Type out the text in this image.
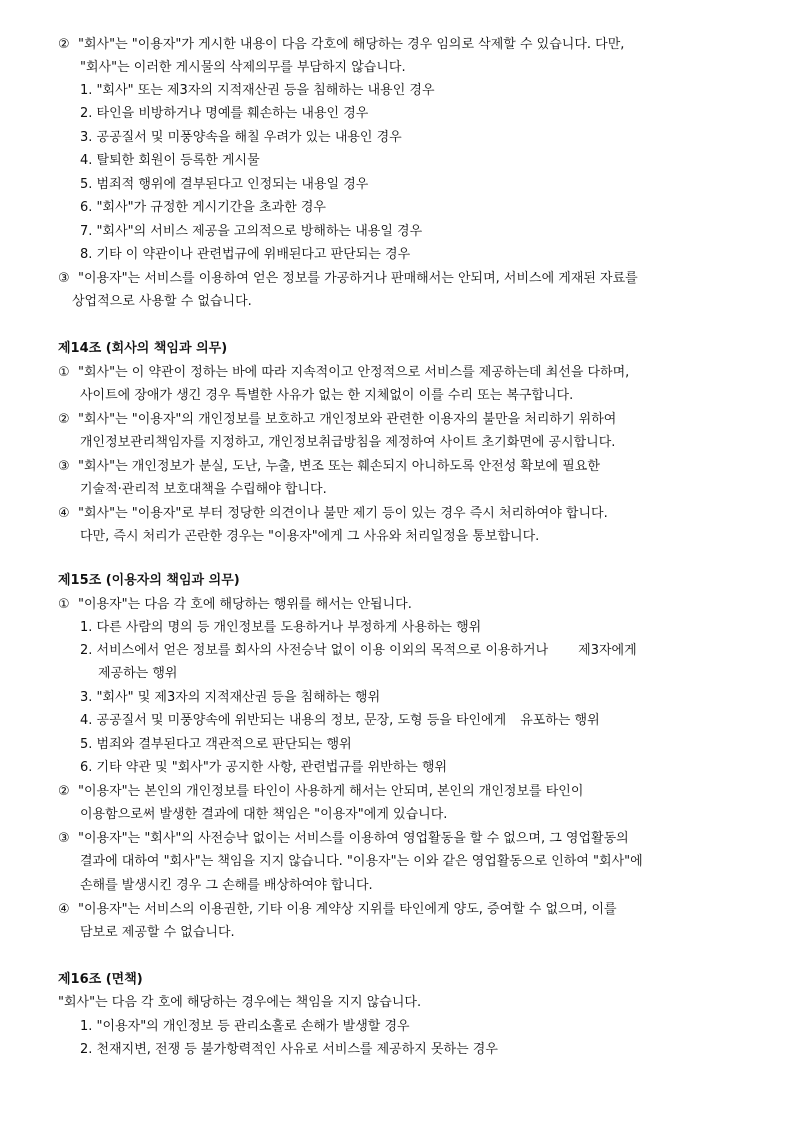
② "회사"는 "이용자"가 게시한 내용이 다음 각호에 해당하는 경우 임의로 삭제할 수 있습니다. 다만,
"회사"는 이러한 게시물의 삭제의무를 부담하지 않습니다.
1. "회사" 또는 제3자의 지적재산권 등을 침해하는 내용인 경우
2. 타인을 비방하거나 명예를 훼손하는 내용인 경우
3. 공공질서 및 미풍양속을 해칠 우려가 있는 내용인 경우
4. 탈퇴한 회원이 등록한 게시물
5. 범죄적 행위에 결부된다고 인정되는 내용일 경우
6. "회사"가 규정한 게시기간을 초과한 경우
7. "회사"의 서비스 제공을 고의적으로 방해하는 내용일 경우
8. 기타 이 약관이나 관련법규에 위배된다고 판단되는 경우
③ "이용자"는 서비스를 이용하여 얻은 정보를 가공하거나 판매해서는 안되며, 서비스에 게재된 자료를
상업적으로 사용할 수 없습니다.
제14조 (회사의 책임과 의무)
① "회사"는 이 약관이 정하는 바에 따라 지속적이고 안정적으로 서비스를 제공하는데 최선을 다하며,
사이트에 장애가 생긴 경우 특별한 사유가 없는 한 지체없이 이를 수리 또는 복구합니다.
② "회사"는 "이용자"의 개인정보를 보호하고 개인정보와 관련한 이용자의 불만을 처리하기 위하여
개인정보관리책임자를 지정하고, 개인정보취급방침을 제정하여 사이트 초기화면에 공시합니다.
③ "회사"는 개인정보가 분실, 도난, 누출, 변조 또는 훼손되지 아니하도록 안전성 확보에 필요한
기술적·관리적 보호대책을 수립해야 합니다.
④ "회사"는 "이용자"로 부터 정당한 의견이나 불만 제기 등이 있는 경우 즉시 처리하여야 합니다.
다만, 즉시 처리가 곤란한 경우는 "이용자"에게 그 사유와 처리일정을 통보합니다.
제15조 (이용자의 책임과 의무)
① "이용자"는 다음 각 호에 해당하는 행위를 해서는 안됩니다.
1. 다른 사람의 명의 등 개인정보를 도용하거나 부정하게 사용하는 행위
2. 서비스에서 얻은 정보를 회사의 사전승낙 없이 이용 이외의 목적으로 이용하거나 제3자에게
제공하는 행위
3. "회사" 및 제3자의 지적재산권 등을 침해하는 행위
4. 공공질서 및 미풍양속에 위반되는 내용의 정보, 문장, 도형 등을 타인에게 유포하는 행위
5. 범죄와 결부된다고 객관적으로 판단되는 행위
6. 기타 약관 및 "회사"가 공지한 사항, 관련법규를 위반하는 행위
② "이용자"는 본인의 개인정보를 타인이 사용하게 해서는 안되며, 본인의 개인정보를 타인이
이용함으로써 발생한 결과에 대한 책임은 "이용자"에게 있습니다.
③ "이용자"는 "회사"의 사전승낙 없이는 서비스를 이용하여 영업활동을 할 수 없으며, 그 영업활동의
결과에 대하여 "회사"는 책임을 지지 않습니다. "이용자"는 이와 같은 영업활동으로 인하여 "회사"에
손해를 발생시킨 경우 그 손해를 배상하여야 합니다.
④ "이용자"는 서비스의 이용권한, 기타 이용 계약상 지위를 타인에게 양도, 증여할 수 없으며, 이를
담보로 제공할 수 없습니다.
제16조 (면책)
"회사"는 다음 각 호에 해당하는 경우에는 책임을 지지 않습니다.
1. "이용자"의 개인정보 등 관리소홀로 손해가 발생할 경우
2. 천재지변, 전쟁 등 불가항력적인 사유로 서비스를 제공하지 못하는 경우
